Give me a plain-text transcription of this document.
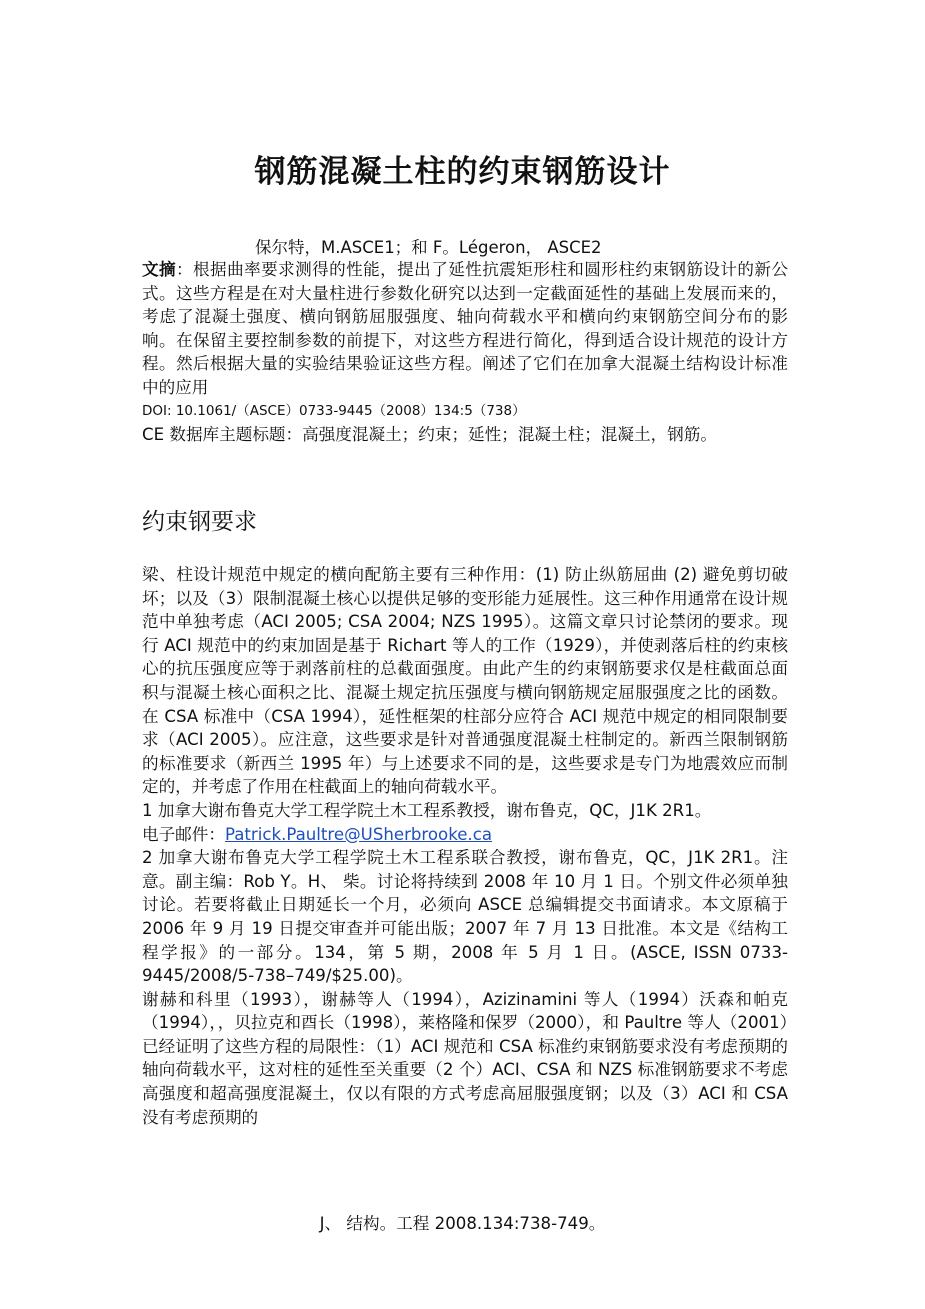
钢筋混凝土柱的约束钢筋设计

保尔特，M.ASCE1；和 F。Légeron， ASCE2

文摘：根据曲率要求测得的性能，提出了延性抗震矩形柱和圆形柱约束钢筋设计的新公式。这些方程是在对大量柱进行参数化研究以达到一定截面延性的基础上发展而来的，考虑了混凝土强度、横向钢筋屈服强度、轴向荷载水平和横向约束钢筋空间分布的影响。在保留主要控制参数的前提下，对这些方程进行简化，得到适合设计规范的设计方程。然后根据大量的实验结果验证这些方程。阐述了它们在加拿大混凝土结构设计标准中的应用
DOI: 10.1061/（ASCE）0733-9445（2008）134:5（738）
CE 数据库主题标题：高强度混凝土；约束；延性；混凝土柱；混凝土，钢筋。
约束钢要求
梁、柱设计规范中规定的横向配筋主要有三种作用：(1) 防止纵筋屈曲 (2) 避免剪切破坏；以及（3）限制混凝土核心以提供足够的变形能力延展性。这三种作用通常在设计规范中单独考虑（ACI 2005; CSA 2004; NZS 1995）。这篇文章只讨论禁闭的要求。现行 ACI 规范中的约束加固是基于 Richart 等人的工作（1929），并使剥落后柱的约束核心的抗压强度应等于剥落前柱的总截面强度。由此产生的约束钢筋要求仅是柱截面总面积与混凝土核心面积之比、混凝土规定抗压强度与横向钢筋规定屈服强度之比的函数。在 CSA 标准中（CSA 1994），延性框架的柱部分应符合 ACI 规范中规定的相同限制要求（ACI 2005）。应注意，这些要求是针对普通强度混凝土柱制定的。新西兰限制钢筋的标准要求（新西兰 1995 年）与上述要求不同的是，这些要求是专门为地震效应而制定的，并考虑了作用在柱截面上的轴向荷载水平。
1 加拿大谢布鲁克大学工程学院土木工程系教授，谢布鲁克，QC，J1K 2R1。
电子邮件：Patrick.Paultre@USherbrooke.ca
2 加拿大谢布鲁克大学工程学院土木工程系联合教授，谢布鲁克，QC，J1K 2R1。注意。副主编：Rob Y。H、 柴。讨论将持续到 2008 年 10 月 1 日。个别文件必须单独讨论。若要将截止日期延长一个月，必须向 ASCE 总编辑提交书面请求。本文原稿于 2006 年 9 月 19 日提交审查并可能出版；2007 年 7 月 13 日批准。本文是《结构工程学报》的一部分。134，第 5 期，2008 年 5 月 1 日。(ASCE, ISSN 0733-9445/2008/5-738–749/$25.00)。
谢赫和科里（1993），谢赫等人（1994），Azizinamini 等人（1994）沃森和帕克（1994），，贝拉克和酉长（1998），莱格隆和保罗（2000），和 Paultre 等人（2001）已经证明了这些方程的局限性：（1）ACI 规范和 CSA 标准约束钢筋要求没有考虑预期的轴向荷载水平，这对柱的延性至关重要（2 个）ACI、CSA 和 NZS 标准钢筋要求不考虑高强度和超高强度混凝土，仅以有限的方式考虑高屈服强度钢；以及（3）ACI 和 CSA 没有考虑预期的

J、 结构。工程 2008.134:738-749。
